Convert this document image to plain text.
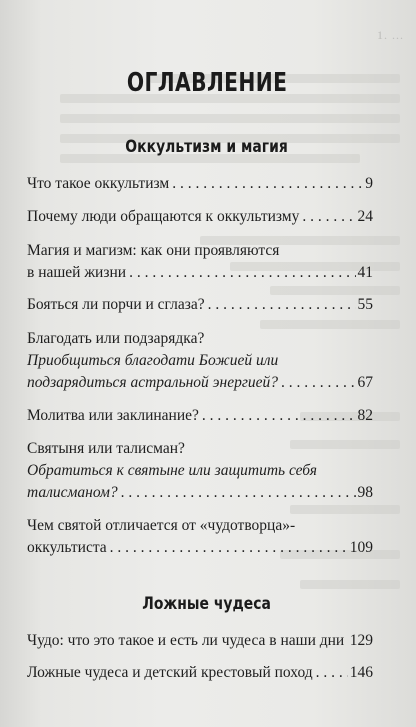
1. ...
ОГЛАВЛЕНИЕ
Оккультизм и магия
Что такое оккультизм . . .	9
Почему люди обращаются к оккультизму . . .	24
Магия и магизм: как они проявляются
в нашей жизни . . .	41
Бояться ли порчи и сглаза? . . .	55
Благодать или подзарядка?
Приобщиться благодати Божией или
подзарядиться астральной энергией? . . .	67
Молитва или заклинание? . . .	82
Святыня или талисман?
Обратиться к святыне или защитить себя
талисманом? . . .	98
Чем святой отличается от «чудотворца»-
оккультиста . . .	109
Ложные чудеса
Чудо: что это такое и есть ли чудеса в наши дни . . . 129
Ложные чудеса и детский крестовый поход . . . 146
